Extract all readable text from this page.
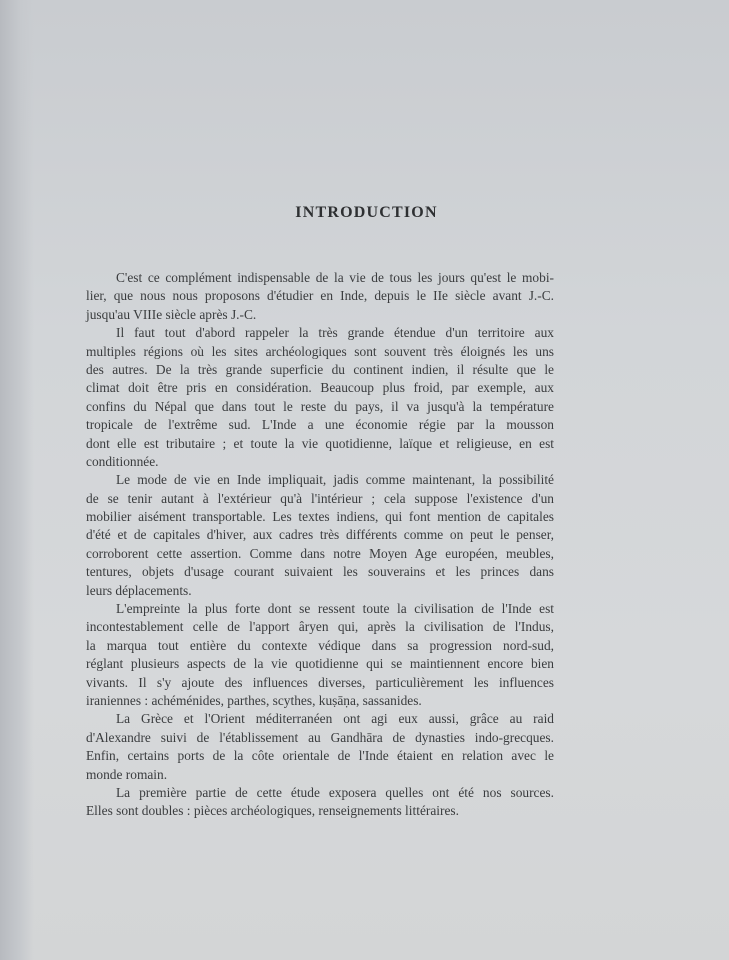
INTRODUCTION
C'est ce complément indispensable de la vie de tous les jours qu'est le mobi-
lier, que nous nous proposons d'étudier en Inde, depuis le IIe siècle avant J.-C.
jusqu'au VIIIe siècle après J.-C.
Il faut tout d'abord rappeler la très grande étendue d'un territoire aux
multiples régions où les sites archéologiques sont souvent très éloignés les uns
des autres. De la très grande superficie du continent indien, il résulte que le
climat doit être pris en considération. Beaucoup plus froid, par exemple, aux
confins du Népal que dans tout le reste du pays, il va jusqu'à la température
tropicale de l'extrême sud. L'Inde a une économie régie par la mousson
dont elle est tributaire ; et toute la vie quotidienne, laïque et religieuse, en est
conditionnée.
Le mode de vie en Inde impliquait, jadis comme maintenant, la possibilité
de se tenir autant à l'extérieur qu'à l'intérieur ; cela suppose l'existence d'un
mobilier aisément transportable. Les textes indiens, qui font mention de capitales
d'été et de capitales d'hiver, aux cadres très différents comme on peut le penser,
corroborent cette assertion. Comme dans notre Moyen Age européen, meubles,
tentures, objets d'usage courant suivaient les souverains et les princes dans
leurs déplacements.
L'empreinte la plus forte dont se ressent toute la civilisation de l'Inde est
incontestablement celle de l'apport âryen qui, après la civilisation de l'Indus,
la marqua tout entière du contexte védique dans sa progression nord-sud,
réglant plusieurs aspects de la vie quotidienne qui se maintiennent encore bien
vivants. Il s'y ajoute des influences diverses, particulièrement les influences
iraniennes : achéménides, parthes, scythes, kuṣāṇa, sassanides.
La Grèce et l'Orient méditerranéen ont agi eux aussi, grâce au raid
d'Alexandre suivi de l'établissement au Gandhāra de dynasties indo-grecques.
Enfin, certains ports de la côte orientale de l'Inde étaient en relation avec le
monde romain.
La première partie de cette étude exposera quelles ont été nos sources.
Elles sont doubles : pièces archéologiques, renseignements littéraires.
